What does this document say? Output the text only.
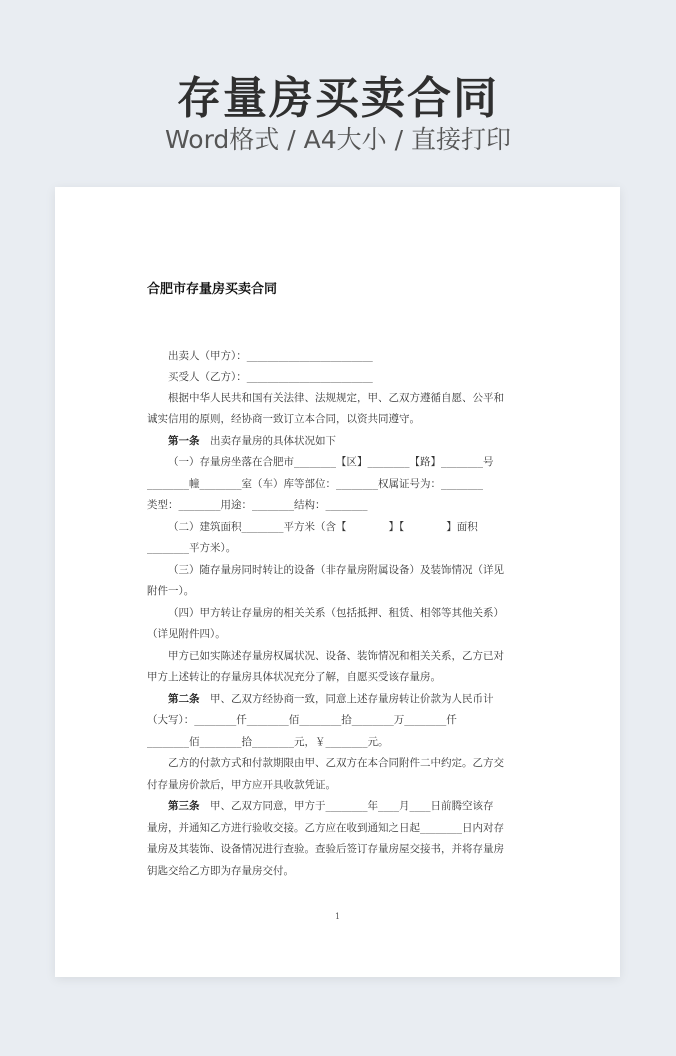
存量房买卖合同
Word格式 / A4大小 / 直接打印
合肥市存量房买卖合同
出卖人（甲方）：________________________
买受人（乙方）：________________________
根据中华人民共和国有关法律、法规规定，甲、乙双方遵循自愿、公平和
诚实信用的原则，经协商一致订立本合同，以资共同遵守。
第一条　出卖存量房的具体状况如下
（一）存量房坐落在合肥市________【区】________【路】________号
________幢________室（车）库等部位：________权属证号为：________
类型：________用途：________结构：________
（二）建筑面积________平方米（含【　　　　】【　　　　】面积
________平方米）。
（三）随存量房同时转让的设备（非存量房附属设备）及装饰情况（详见
附件一）。
（四）甲方转让存量房的相关关系（包括抵押、租赁、相邻等其他关系）
（详见附件四）。
甲方已如实陈述存量房权属状况、设备、装饰情况和相关关系，乙方已对
甲方上述转让的存量房具体状况充分了解，自愿买受该存量房。
第二条　甲、乙双方经协商一致，同意上述存量房转让价款为人民币计
（大写）：________仟________佰________拾________万________仟
________佰________拾________元，￥________元。
乙方的付款方式和付款期限由甲、乙双方在本合同附件二中约定。乙方交
付存量房价款后，甲方应开具收款凭证。
第三条　甲、乙双方同意，甲方于________年____月____日前腾空该存
量房，并通知乙方进行验收交接。乙方应在收到通知之日起________日内对存
量房及其装饰、设备情况进行查验。查验后签订存量房屋交接书，并将存量房
钥匙交给乙方即为存量房交付。
1
